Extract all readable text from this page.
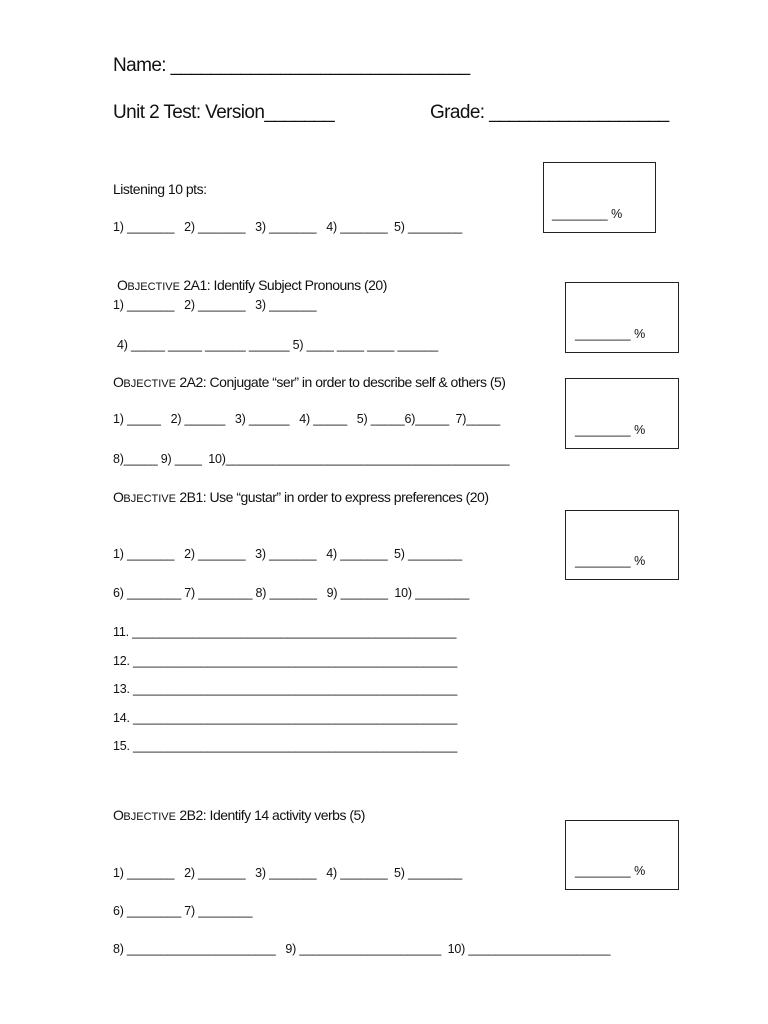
Name: ______________________________
Unit 2 Test: Version_______	Grade: __________________
Listening 10 pts:
1) _______   2) _______   3) _______   4) _______  5) ________
________ %
OBJECTIVE 2A1: Identify Subject Pronouns (20)
1) _______   2) _______   3) _______
4) _____ _____ ______ ______ 5) ____ ____ ____ ______
________ %
OBJECTIVE 2A2: Conjugate “ser” in order to describe self & others (5)
1) _____   2) ______   3) ______   4) _____   5) _____6)_____  7)_____
8)_____ 9) ____  10)__________________________________________
________ %
OBJECTIVE 2B1: Use “gustar” in order to express preferences (20)
1) _______   2) _______   3) _______   4) _______  5) ________
6) ________ 7) ________ 8) _______   9) _______  10) ________
11. ________________________________________________
12. ________________________________________________
13. ________________________________________________
14. ________________________________________________
15. ________________________________________________
________ %
OBJECTIVE 2B2: Identify 14 activity verbs (5)
1) _______   2) _______   3) _______   4) _______  5) ________
6) ________ 7) ________
8) ______________________   9) _____________________  10) _____________________
________ %
